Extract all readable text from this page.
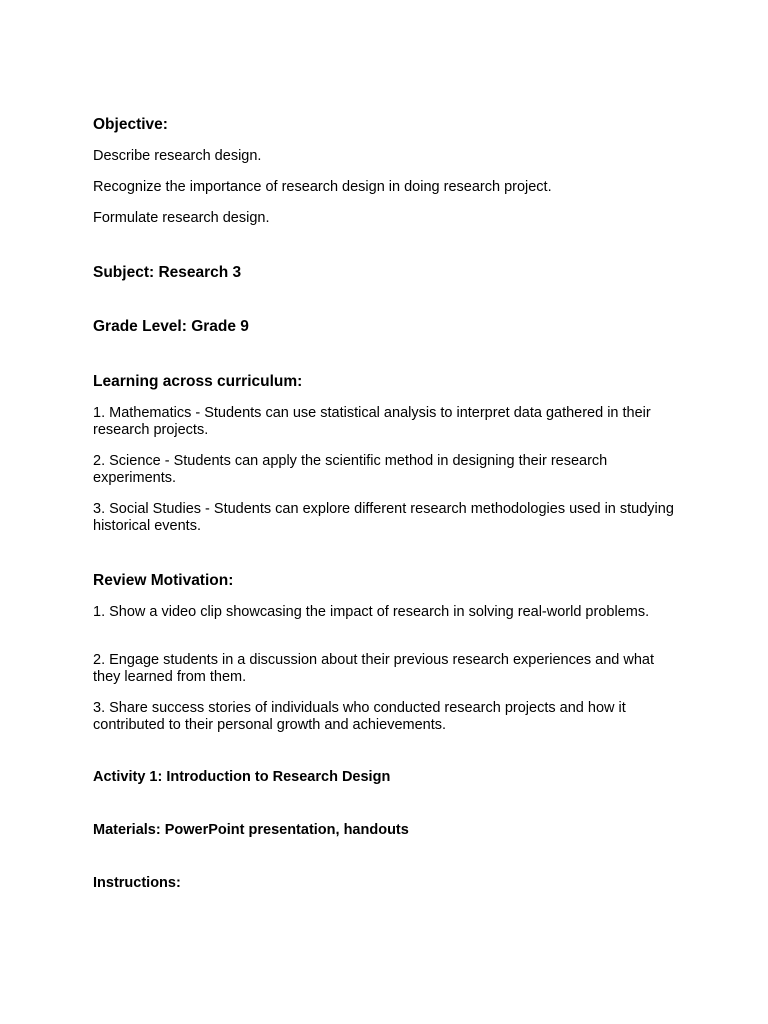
Objective:

Describe research design.

Recognize the importance of research design in doing research project.

Formulate research design.

Subject: Research 3

Grade Level: Grade 9

Learning across curriculum:

1. Mathematics - Students can use statistical analysis to interpret data gathered in their research projects.

2. Science - Students can apply the scientific method in designing their research experiments.

3. Social Studies - Students can explore different research methodologies used in studying historical events.

Review Motivation:

1. Show a video clip showcasing the impact of research in solving real-world problems.

2. Engage students in a discussion about their previous research experiences and what they learned from them.

3. Share success stories of individuals who conducted research projects and how it contributed to their personal growth and achievements.

Activity 1: Introduction to Research Design

Materials: PowerPoint presentation, handouts

Instructions:
